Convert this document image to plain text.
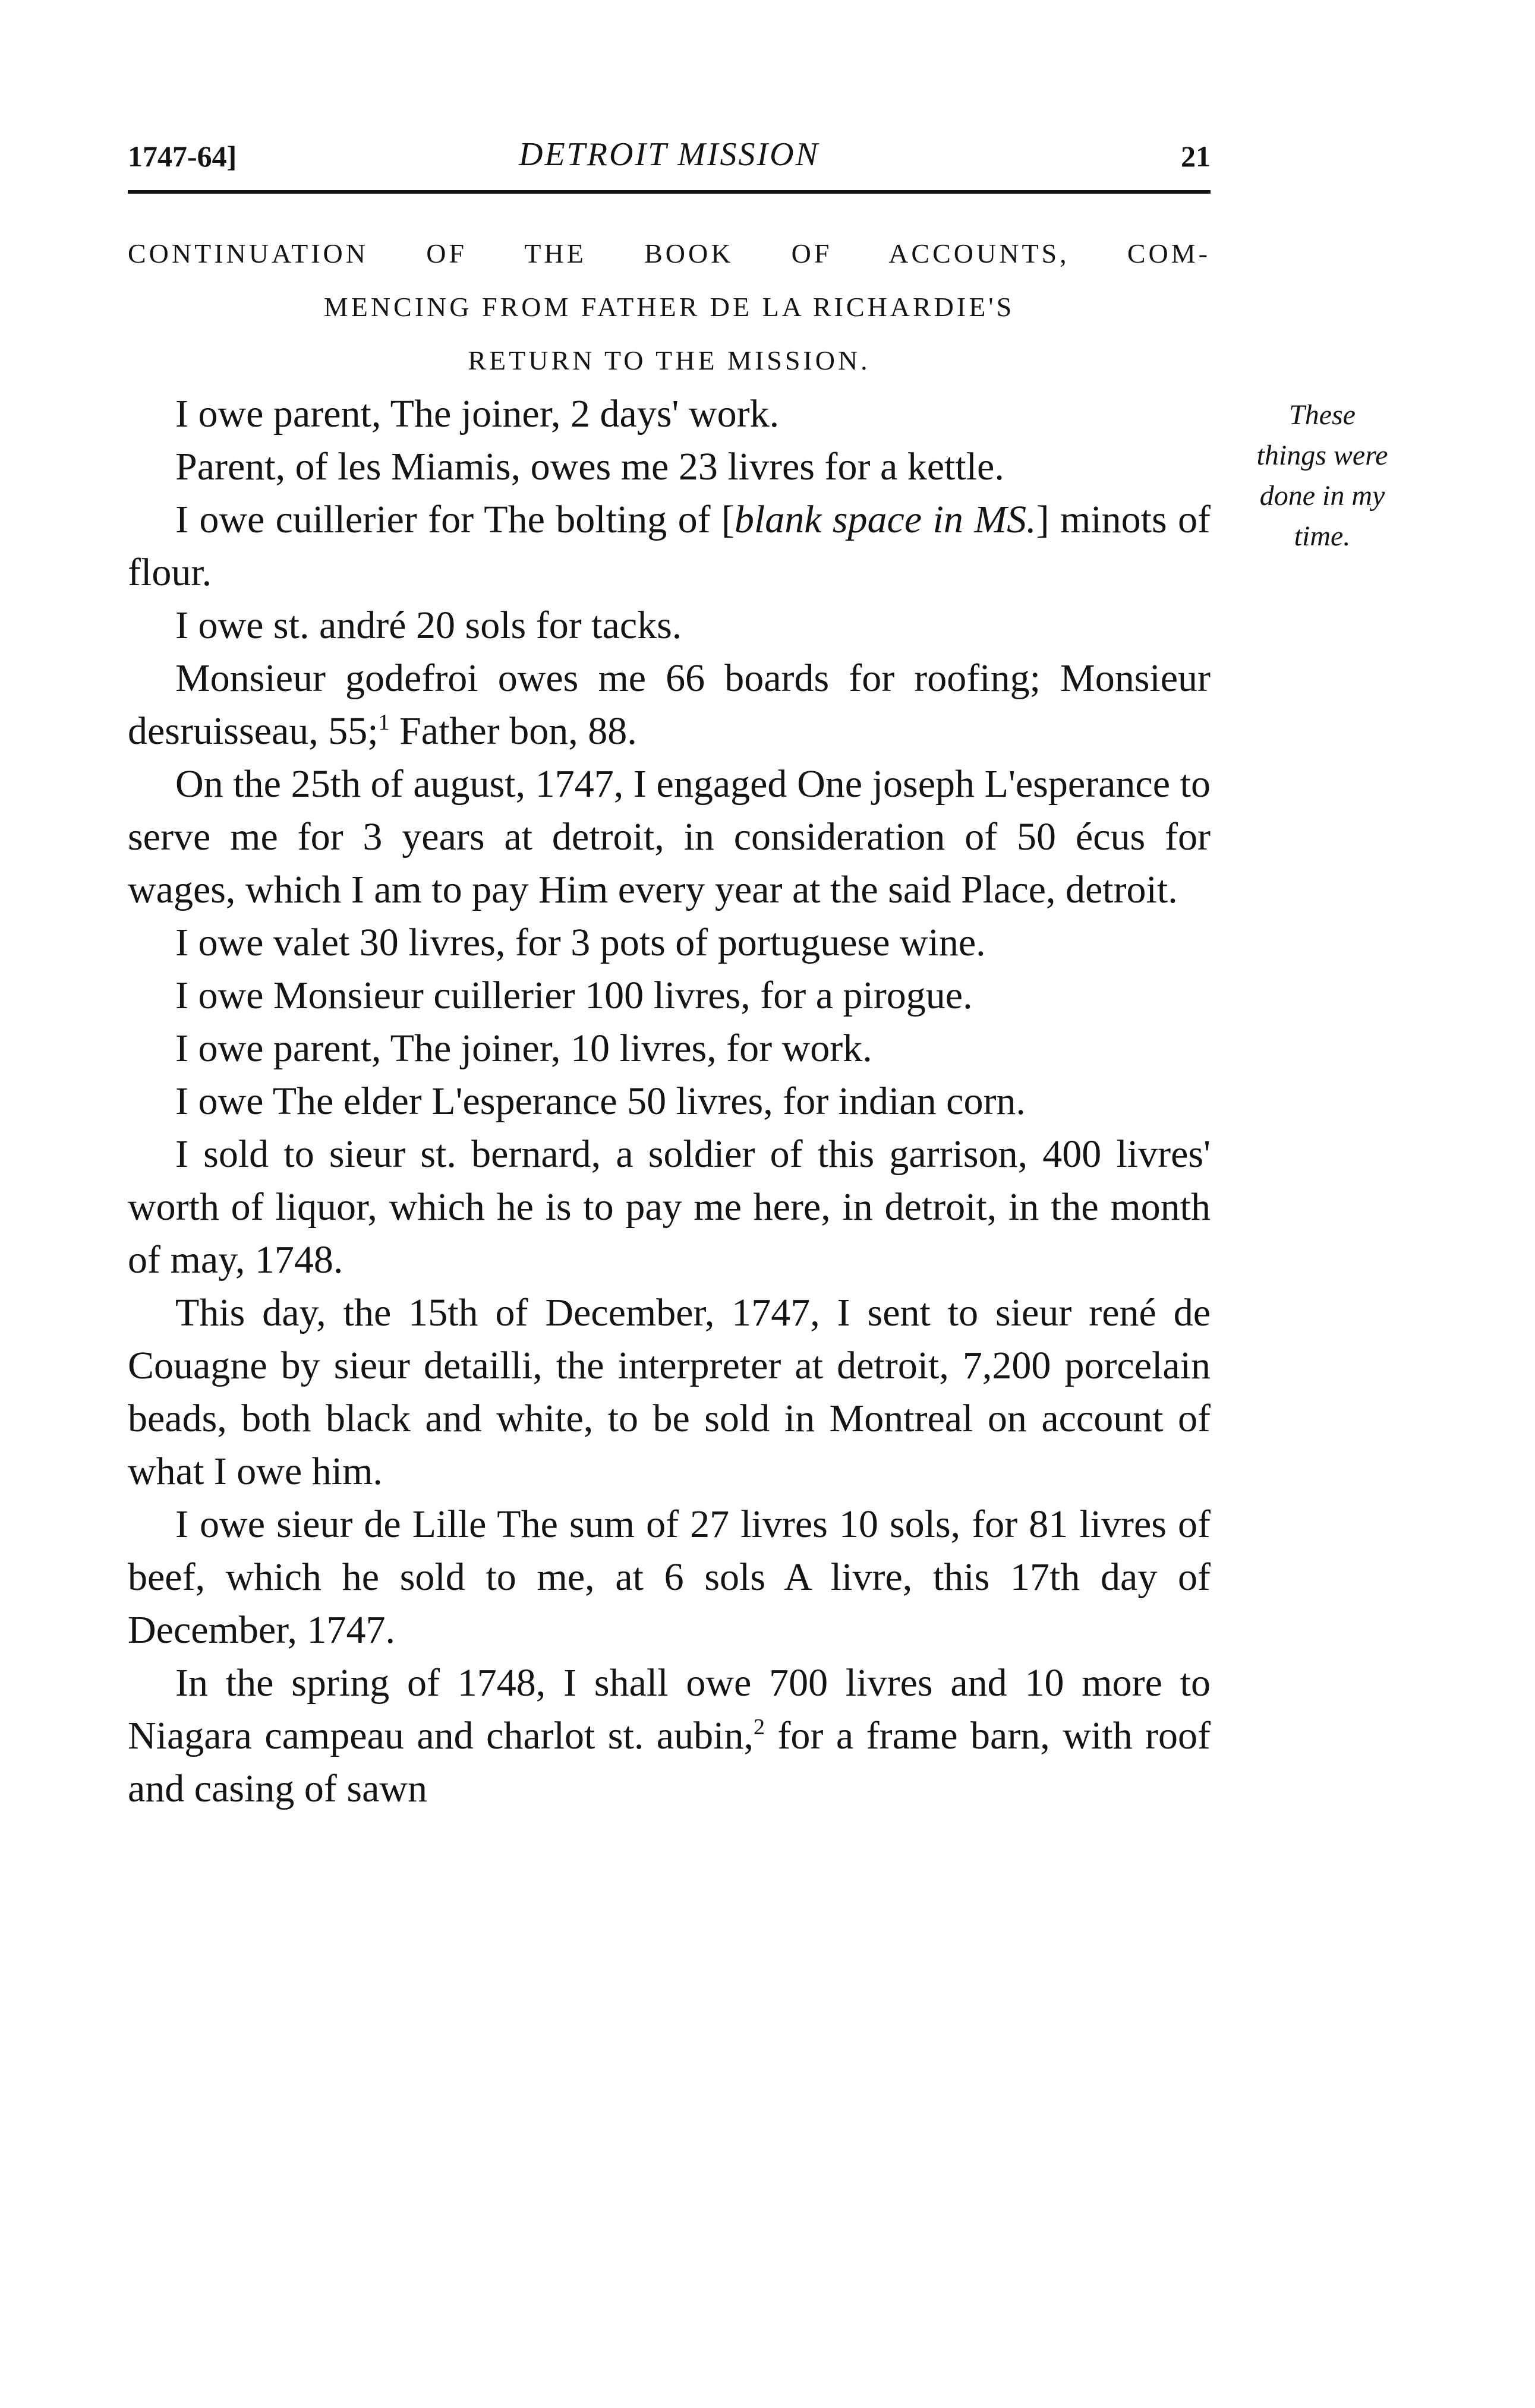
1747-64]	DETROIT MISSION	21
CONTINUATION OF THE BOOK OF ACCOUNTS, COM-
MENCING FROM FATHER DE LA RICHARDIE'S
RETURN TO THE MISSION.
These
things were
done in my
time.

I owe parent, The joiner, 2 days' work.

Parent, of les Miamis, owes me 23 livres for a kettle.

I owe cuillerier for The bolting of [blank space in MS.] minots of flour.

I owe st. andré 20 sols for tacks.

Monsieur godefroi owes me 66 boards for roofing; Monsieur desruisseau, 55;$^1$ Father bon, 88.

On the 25th of august, 1747, I engaged One joseph L'esperance to serve me for 3 years at detroit, in consideration of 50 écus for wages, which I am to pay Him every year at the said Place, detroit.

I owe valet 30 livres, for 3 pots of portuguese wine.

I owe Monsieur cuillerier 100 livres, for a pirogue.

I owe parent, The joiner, 10 livres, for work.

I owe The elder L'esperance 50 livres, for indian corn.

I sold to sieur st. bernard, a soldier of this garrison, 400 livres' worth of liquor, which he is to pay me here, in detroit, in the month of may, 1748.

This day, the 15th of December, 1747, I sent to sieur rené de Couagne by sieur detailli, the interpreter at detroit, 7,200 porcelain beads, both black and white, to be sold in Montreal on account of what I owe him.

I owe sieur de Lille The sum of 27 livres 10 sols, for 81 livres of beef, which he sold to me, at 6 sols A livre, this 17th day of December, 1747.

In the spring of 1748, I shall owe 700 livres and 10 more to Niagara campeau and charlot st. aubin,$^2$ for a frame barn, with roof and casing of sawn
